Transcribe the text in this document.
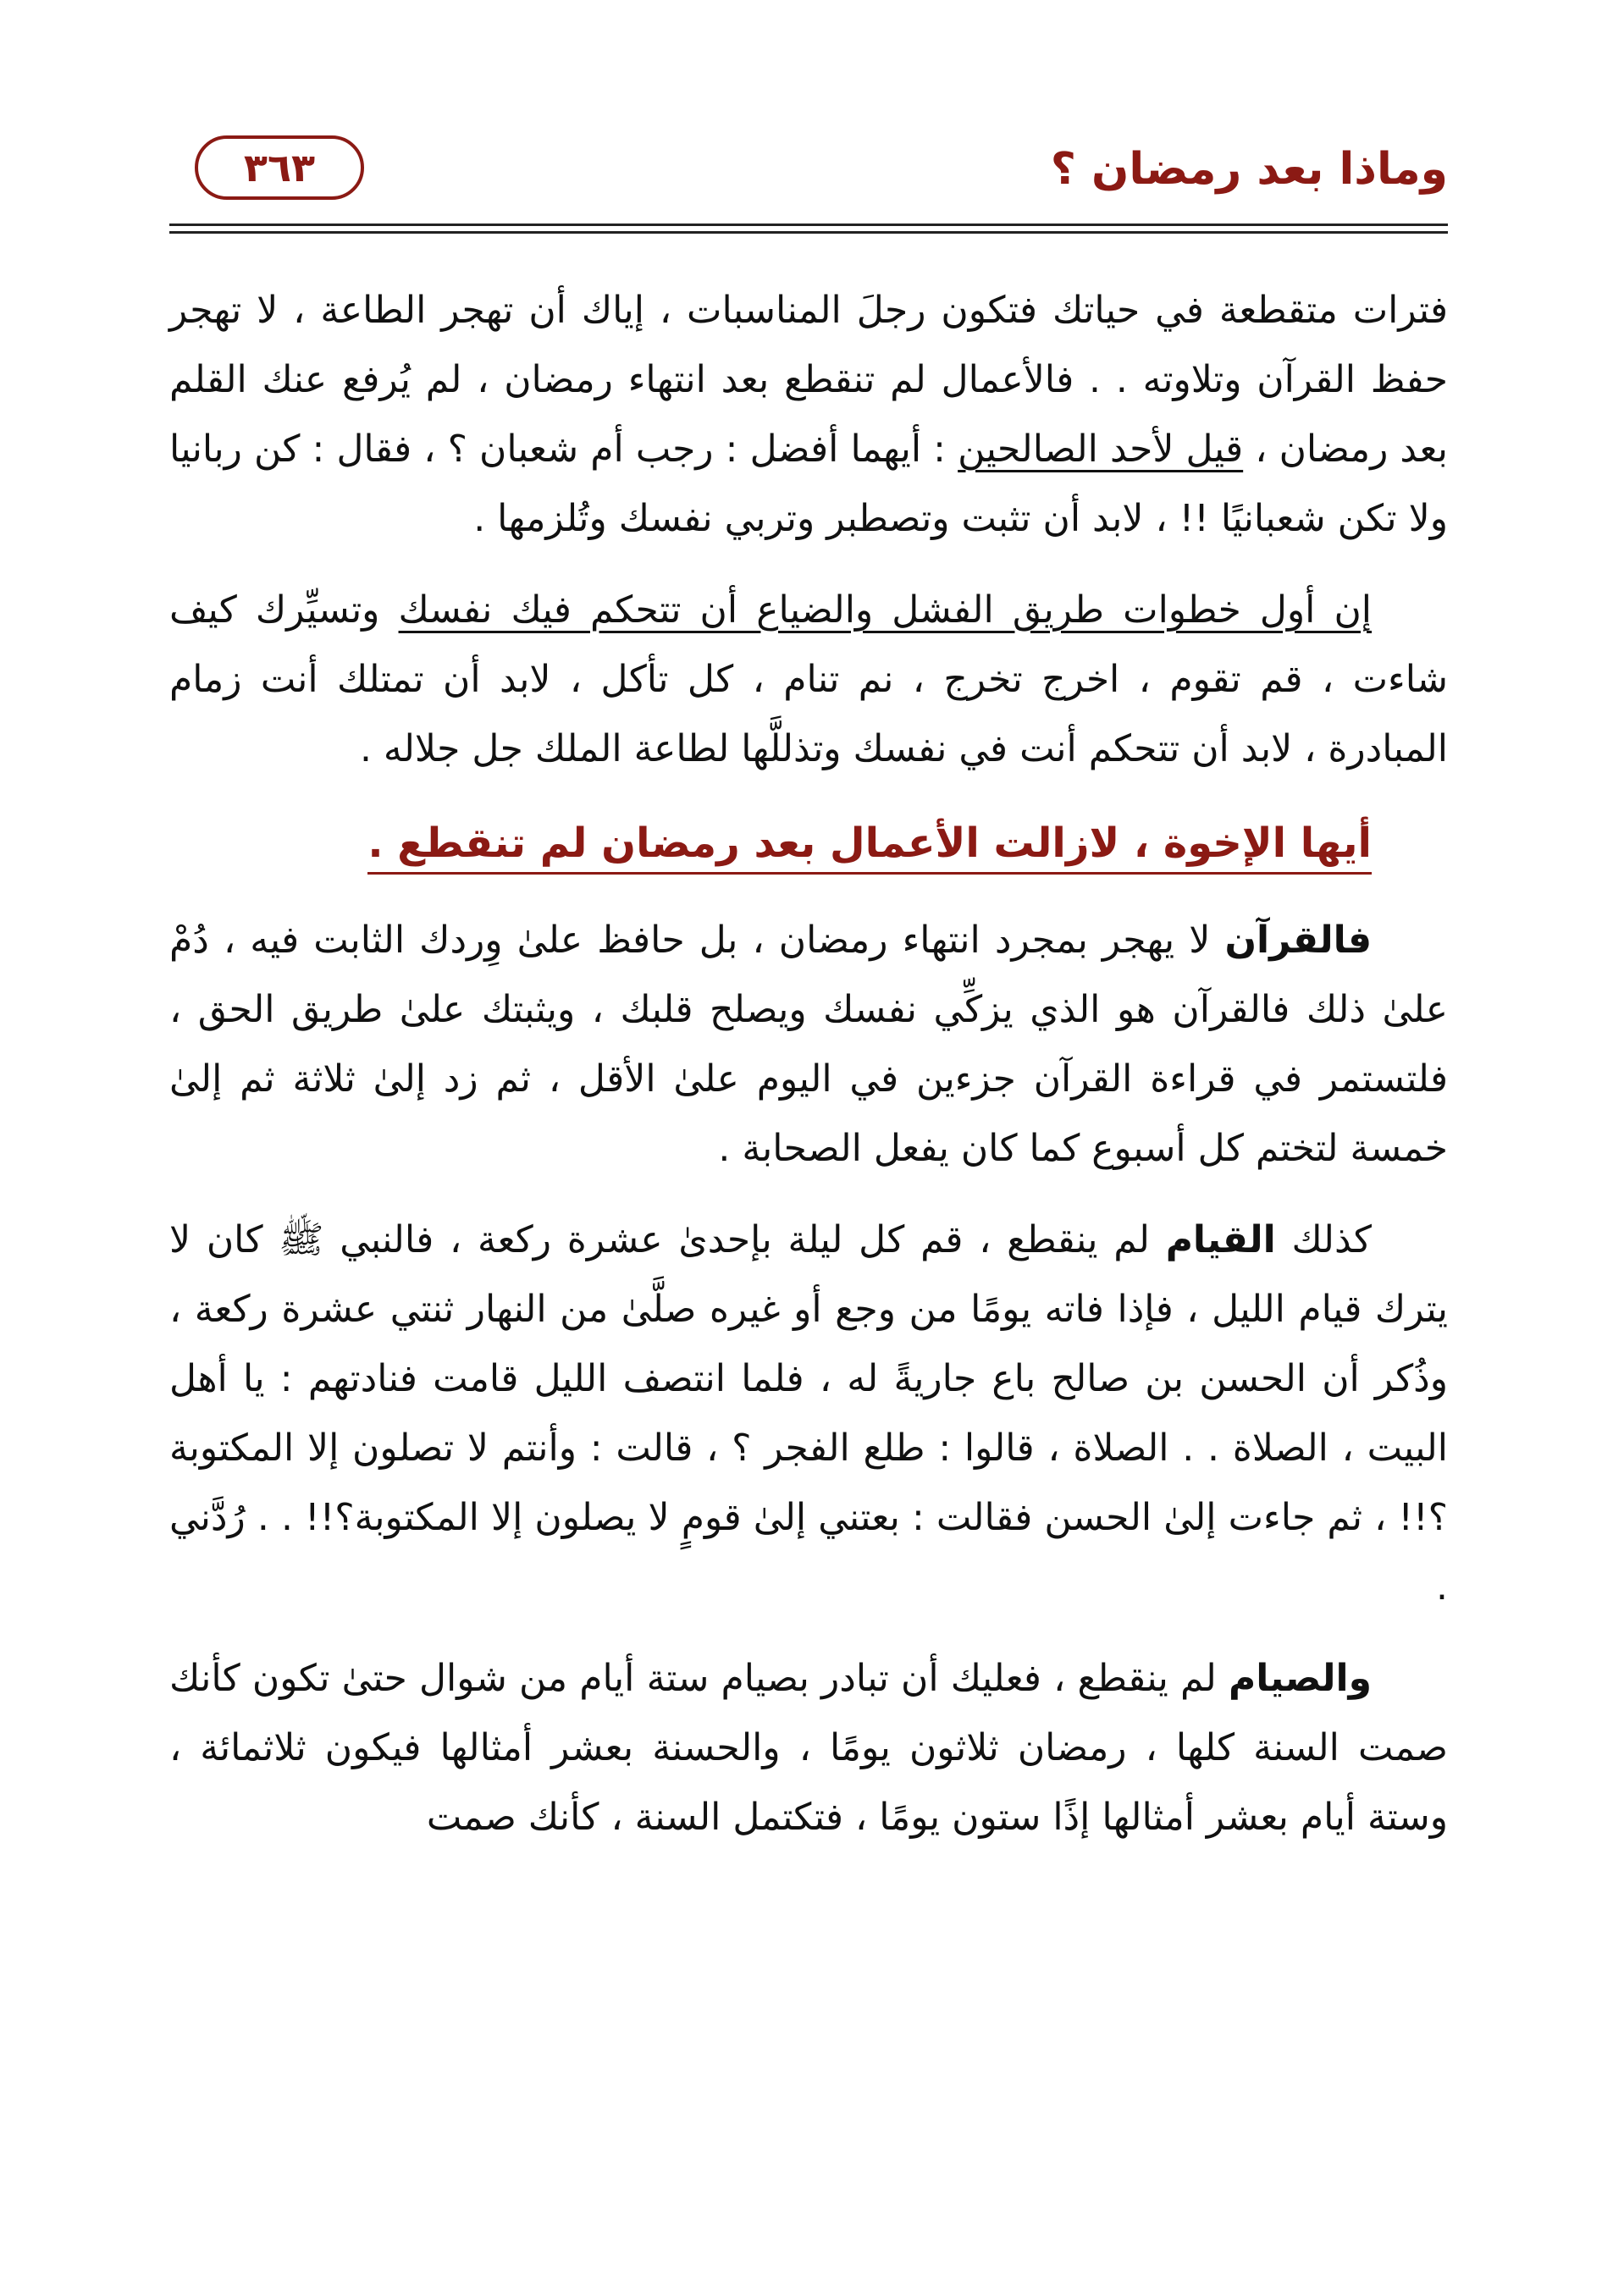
وماذا بعد رمضان ؟
٣٦٣

فترات متقطعة في حياتك فتكون رجلَ المناسبات ، إياك أن تهجر الطاعة ، لا تهجر حفظ القرآن وتلاوته . . فالأعمال لم تنقطع بعد انتهاء رمضان ، لم يُرفع عنك القلم بعد رمضان ، قيل لأحد الصالحين : أيهما أفضل : رجب أم شعبان ؟ ، فقال : كن ربانيا ولا تكن شعبانيًا !! ، لابد أن تثبت وتصطبر وتربي نفسك وتُلزمها .

إن أول خطوات طريق الفشل والضياع أن تتحكم فيك نفسك وتسيِّرك كيف شاءت ، قم تقوم ، اخرج تخرج ، نم تنام ، كل تأكل ، لابد أن تمتلك أنت زمام المبادرة ، لابد أن تتحكم أنت في نفسك وتذللَّها لطاعة الملك جل جلاله .

أيها الإخوة ، لازالت الأعمال بعد رمضان لم تنقطع .

فالقرآن لا يهجر بمجرد انتهاء رمضان ، بل حافظ علىٰ وِردك الثابت فيه ، دُمْ علىٰ ذلك فالقرآن هو الذي يزكِّي نفسك ويصلح قلبك ، ويثبتك علىٰ طريق الحق ، فلتستمر في قراءة القرآن جزءين في اليوم علىٰ الأقل ، ثم زد إلىٰ ثلاثة ثم إلىٰ خمسة لتختم كل أسبوع كما كان يفعل الصحابة .

كذلك القيام لم ينقطع ، قم كل ليلة بإحدىٰ عشرة ركعة ، فالنبي ﷺ كان لا يترك قيام الليل ، فإذا فاته يومًا من وجع أو غيره صلَّىٰ من النهار ثنتي عشرة ركعة ، وذُكر أن الحسن بن صالح باع جاريةً له ، فلما انتصف الليل قامت فنادتهم : يا أهل البيت ، الصلاة . . الصلاة ، قالوا : طلع الفجر ؟ ، قالت : وأنتم لا تصلون إلا المكتوبة ؟!! ، ثم جاءت إلىٰ الحسن فقالت : بعتني إلىٰ قومٍ لا يصلون إلا المكتوبة؟!! . . رُدَّني .

والصيام لم ينقطع ، فعليك أن تبادر بصيام ستة أيام من شوال حتىٰ تكون كأنك صمت السنة كلها ، رمضان ثلاثون يومًا ، والحسنة بعشر أمثالها فيكون ثلاثمائة ، وستة أيام بعشر أمثالها إذًا ستون يومًا ، فتكتمل السنة ، كأنك صمت
